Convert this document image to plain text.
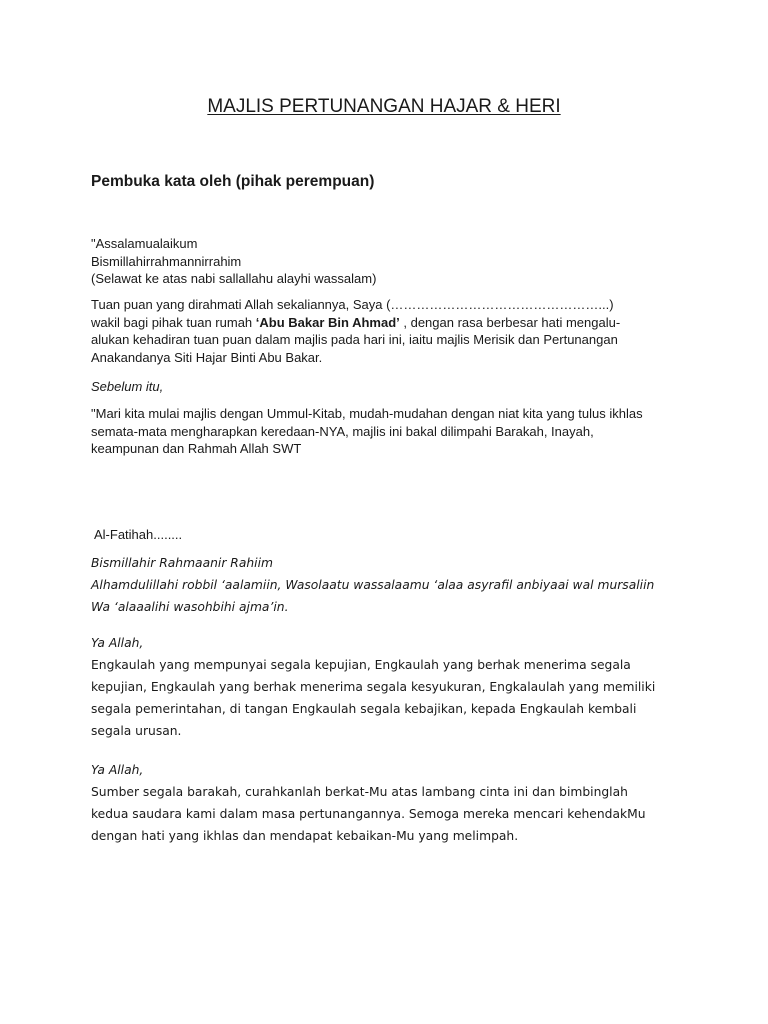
MAJLIS PERTUNANGAN HAJAR & HERI
Pembuka kata oleh (pihak perempuan)
"Assalamualaikum
Bismillahirrahmannirrahim
(Selawat ke atas nabi sallallahu alayhi wassalam)
Tuan puan yang dirahmati Allah sekaliannya, Saya (…………………………………………...)
wakil bagi pihak tuan rumah ‘Abu Bakar Bin Ahmad’ , dengan rasa berbesar hati mengalu-
alukan kehadiran tuan puan dalam majlis pada hari ini, iaitu majlis Merisik dan Pertunangan
Anakandanya Siti Hajar Binti Abu Bakar.
Sebelum itu,
"Mari kita mulai majlis dengan Ummul-Kitab, mudah-mudahan dengan niat kita yang tulus ikhlas
semata-mata mengharapkan keredaan-NYA, majlis ini bakal dilimpahi Barakah, Inayah,
keampunan dan Rahmah Allah SWT
Al-Fatihah........
Bismillahir Rahmaanir Rahiim
Alhamdulillahi robbil ‘aalamiin, Wasolaatu wassalaamu ‘alaa asyrafil anbiyaai wal mursaliin
Wa ‘alaaalihi wasohbihi ajma’in.
Ya Allah,
Engkaulah yang mempunyai segala kepujian, Engkaulah yang berhak menerima segala
kepujian, Engkaulah yang berhak menerima segala kesyukuran, Engkalaulah yang memiliki
segala pemerintahan, di tangan Engkaulah segala kebajikan, kepada Engkaulah kembali
segala urusan.
Ya Allah,
Sumber segala barakah, curahkanlah berkat-Mu atas lambang cinta ini dan bimbinglah
kedua saudara kami dalam masa pertunangannya. Semoga mereka mencari kehendakMu
dengan hati yang ikhlas dan mendapat kebaikan-Mu yang melimpah.
